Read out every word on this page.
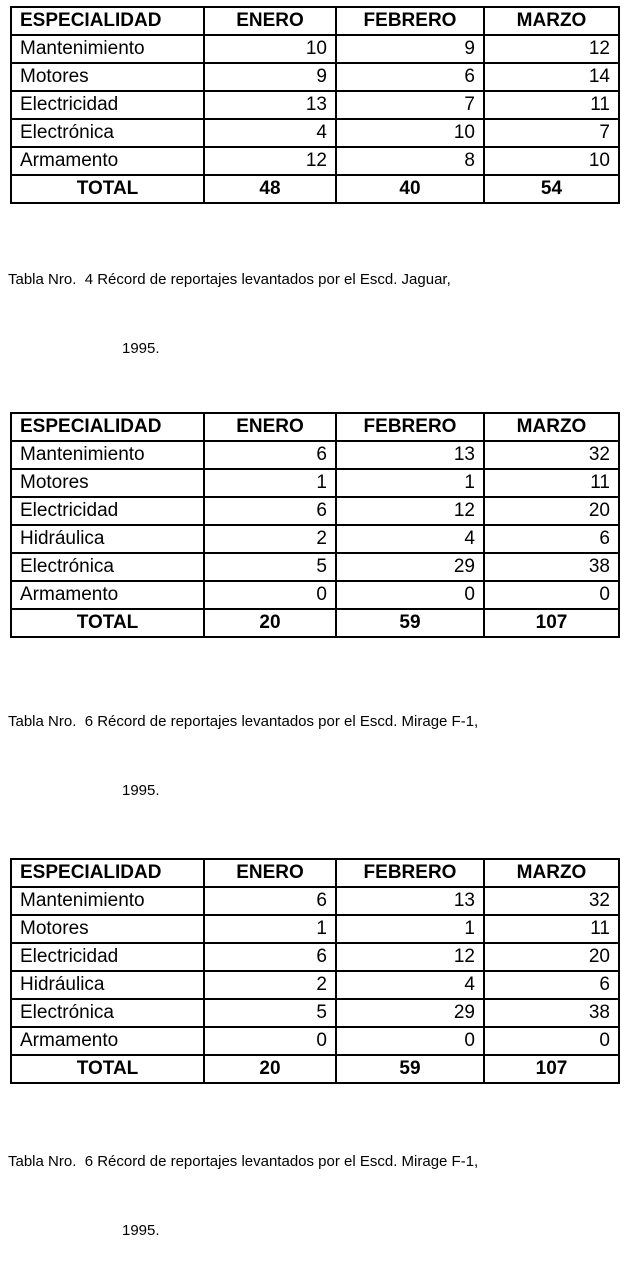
ESPECIALIDAD	ENERO	FEBRERO	MARZO
Mantenimiento	10	9	12
Motores	9	6	14
Electricidad	13	7	11
Electrónica	4	10	7
Armamento	12	8	10
TOTAL	48	40	54

Tabla Nro.  4 Récord de reportajes levantados por el Escd. Jaguar,

1995.

ESPECIALIDAD	ENERO	FEBRERO	MARZO
Mantenimiento	6	13	32
Motores	1	1	11
Electricidad	6	12	20
Hidráulica	2	4	6
Electrónica	5	29	38
Armamento	0	0	0
TOTAL	20	59	107

Tabla Nro.  6 Récord de reportajes levantados por el Escd. Mirage F-1,

1995.

ESPECIALIDAD	ENERO	FEBRERO	MARZO
Mantenimiento	6	13	32
Motores	1	1	11
Electricidad	6	12	20
Hidráulica	2	4	6
Electrónica	5	29	38
Armamento	0	0	0
TOTAL	20	59	107

Tabla Nro.  6 Récord de reportajes levantados por el Escd. Mirage F-1,

1995.
